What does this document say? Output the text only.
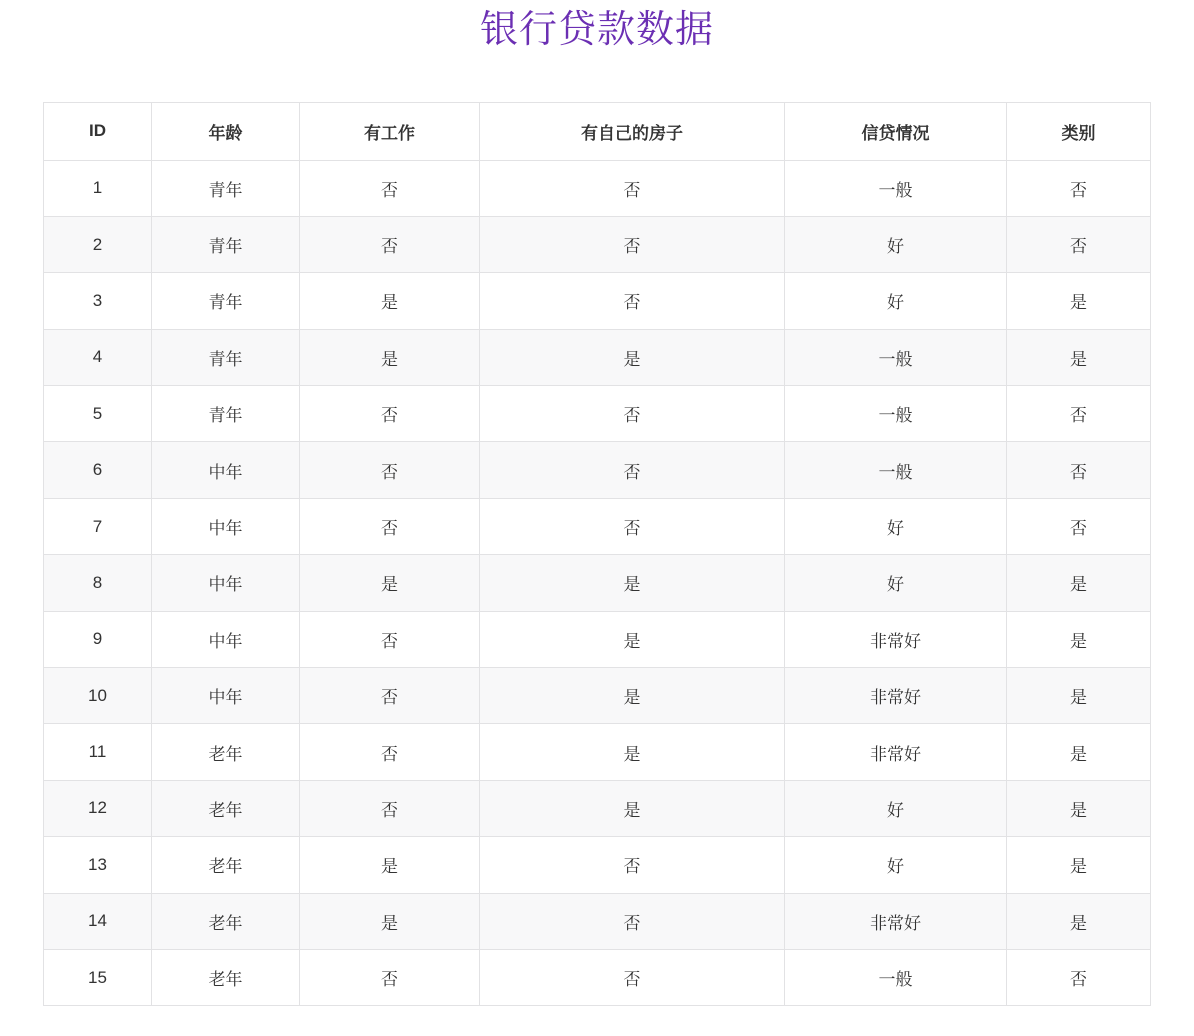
银行贷款数据
ID	年龄	有工作	有自己的房子	信贷情况	类别
1	青年	否	否	一般	否
2	青年	否	否	好	否
3	青年	是	否	好	是
4	青年	是	是	一般	是
5	青年	否	否	一般	否
6	中年	否	否	一般	否
7	中年	否	否	好	否
8	中年	是	是	好	是
9	中年	否	是	非常好	是
10	中年	否	是	非常好	是
11	老年	否	是	非常好	是
12	老年	否	是	好	是
13	老年	是	否	好	是
14	老年	是	否	非常好	是
15	老年	否	否	一般	否
